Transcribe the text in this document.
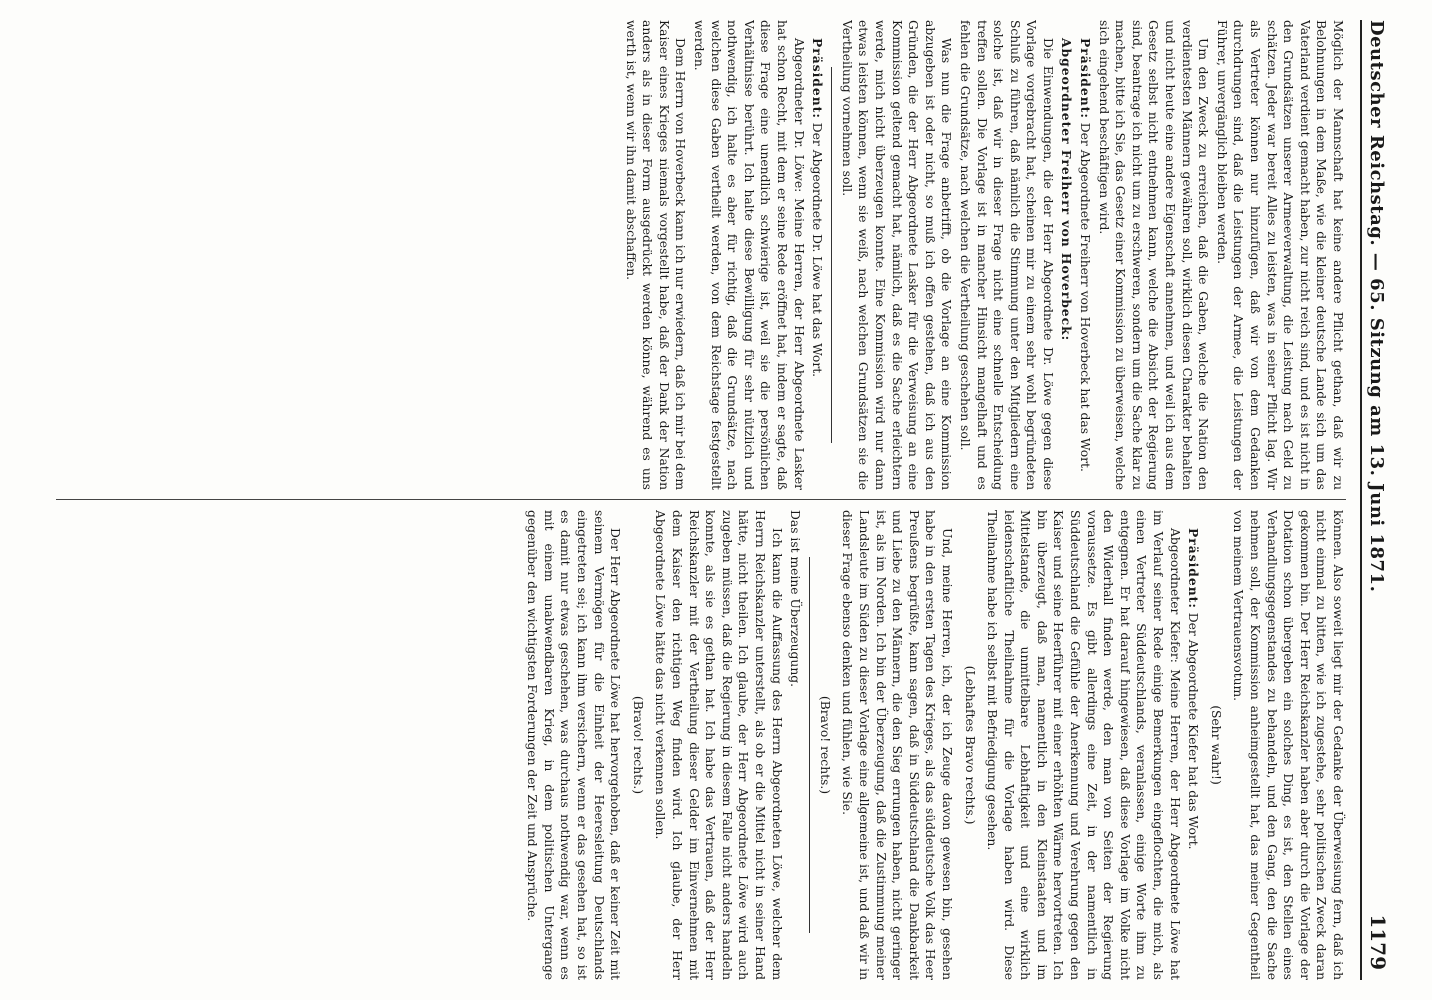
Deutscher Reichstag. — 65. Sitzung am 13. Juni 1871.
1179

Möglich der Mannschaft hat keine andere Pflicht gethan, daß wir zu Belohnungen in dem Maße, wie die kleiner deutsche Lande sich um das Vaterland verdient gemacht haben, zur nicht reich sind, und es ist nicht in den Grundsätzen unserer Armeeverwaltung, die Leistung nach Geld zu schätzen. Jeder war bereit Alles zu leisten, was in seiner Pflicht lag. Wir als Vertreter können nur hinzufügen, daß wir von dem Gedanken durchdrungen sind, daß die Leistungen der Armee, die Leistungen der Führer, unvergänglich bleiben werden.

Um den Zweck zu erreichen, daß die Gaben, welche die Nation den verdientesten Männern gewähren soll, wirklich diesen Charakter behalten und nicht heute eine andere Eigenschaft annehmen, und weil ich aus dem Gesetz selbst nicht entnehmen kann, welche die Absicht der Regierung sind, beantrage ich nicht um zu erschweren, sondern um die Sache klar zu machen, bitte ich Sie, das Gesetz einer Kommission zu überweisen, welche sich eingehend beschäftigen wird.

Präsident: Der Abgeordnete Freiherr von Hoverbeck hat das Wort.

Abgeordneter Freiherr von Hoverbeck:

Die Einwendungen, die der Herr Abgeordnete Dr. Löwe gegen diese Vorlage vorgebracht hat, scheinen mir zu einem sehr wohl begründeten Schluß zu führen, daß nämlich die Stimmung unter den Mitgliedern eine solche ist, daß wir in dieser Frage nicht eine schnelle Entscheidung treffen sollen. Die Vorlage ist in mancher Hinsicht mangelhaft und es fehlen die Grundsätze, nach welchen die Vertheilung geschehen soll.

Was nun die Frage anbetrifft, ob die Vorlage an eine Kommission abzugeben ist oder nicht, so muß ich offen gestehen, daß ich aus den Gründen, die der Herr Abgeordnete Lasker für die Verweisung an eine Kommission geltend gemacht hat, nämlich, daß es die Sache erleichtern werde, mich nicht überzeugen konnte. Eine Kommission wird nur dann etwas leisten können, wenn sie weiß, nach welchen Grundsätzen sie die Vertheilung vornehmen soll.

Präsident: Der Abgeordnete Dr. Löwe hat das Wort.

Abgeordneter Dr. Löwe: Meine Herren, der Herr Abgeordnete Lasker hat schon Recht, mit dem er seine Rede eröffnet hat, indem er sagte, daß diese Frage eine unendlich schwierige ist, weil sie die persönlichen Verhältnisse berührt. Ich halte diese Bewilligung für sehr nützlich und nothwendig, ich halte es aber für richtig, daß die Grundsätze, nach welchen diese Gaben vertheilt werden, von dem Reichstage festgestellt werden.

Dem Herrn von Hoverbeck kann ich nur erwiedern, daß ich mir bei dem Kaiser eines Krieges niemals vorgestellt habe, daß der Dank der Nation anders als in dieser Form ausgedrückt werden könne, während es uns werth ist, wenn wir ihn damit abschaffen.

können. Also soweit liegt mir der Gedanke der Überweisung fern, daß ich nicht einmal zu bitten, wie ich zugestehe, sehr politischen Zweck daran gekommen bin. Der Herr Reichskanzler haben aber durch die Vorlage der Dotation schon übergeben ein solches Ding, es ist, den Stellen eines Verhandlungsgegenstandes zu behandeln, und den Gang, den die Sache nehmen soll, der Kommission anheimgestellt hat, das meiner Gegentheil von meinem Vertrauensvotum.

(Sehr wahr!)

Präsident: Der Abgeordnete Kiefer hat das Wort.

Abgeordneter Kiefer: Meine Herren, der Herr Abgeordnete Löwe hat im Verlauf seiner Rede einige Bemerkungen eingeflochten, die mich, als einen Vertreter Süddeutschlands, veranlassen, einige Worte ihm zu entgegnen. Er hat darauf hingewiesen, daß diese Vorlage im Volke nicht den Widerhall finden werde, den man von Seiten der Regierung voraussetze. Es gibt allerdings eine Zeit, in der namentlich in Süddeutschland die Gefühle der Anerkennung und Verehrung gegen den Kaiser und seine Heerführer mit einer erhöhten Wärme hervortreten. Ich bin überzeugt, daß man, namentlich in den Kleinstaaten und im Mittelstande, die unmittelbare Lebhaftigkeit und eine wirklich leidenschaftliche Theilnahme für die Vorlage haben wird. Diese Theilnahme habe ich selbst mit Befriedigung gesehen.

(Lebhaftes Bravo rechts.)

Und, meine Herren, ich, der ich Zeuge davon gewesen bin, gesehen habe in den ersten Tagen des Krieges, als das süddeutsche Volk das Heer Preußens begrüßte, kann sagen, daß in Süddeutschland die Dankbarkeit und Liebe zu den Männern, die den Sieg errungen haben, nicht geringer ist, als im Norden. Ich bin der Überzeugung, daß die Zustimmung meiner Landsleute im Süden zu dieser Vorlage eine allgemeine ist, und daß wir in dieser Frage ebenso denken und fühlen, wie Sie.

(Bravo! rechts.)

Das ist meine Überzeugung.

Ich kann die Auffassung des Herrn Abgeordneten Löwe, welcher dem Herrn Reichskanzler unterstellt, als ob er die Mittel nicht in seiner Hand hätte, nicht theilen. Ich glaube, der Herr Abgeordnete Löwe wird auch zugeben müssen, daß die Regierung in diesem Falle nicht anders handeln konnte, als sie es gethan hat. Ich habe das Vertrauen, daß der Herr Reichskanzler mit der Vertheilung dieser Gelder im Einvernehmen mit dem Kaiser den richtigen Weg finden wird. Ich glaube, der Herr Abgeordnete Löwe hätte das nicht verkennen sollen.

(Bravo! rechts.)

Der Herr Abgeordnete Löwe hat hervorgehoben, daß er keiner Zeit mit seinem Vermögen für die Einheit der Heeresleitung Deutschlands eingetreten sei; ich kann ihm versichern, wenn er das gesehen hat, so ist es damit nur etwas geschehen, was durchaus nothwendig war, wenn es mit einem unabwendbaren Krieg, in dem politischen Untergange gegenüber den wichtigsten Forderungen der Zeit und Ansprüche.
